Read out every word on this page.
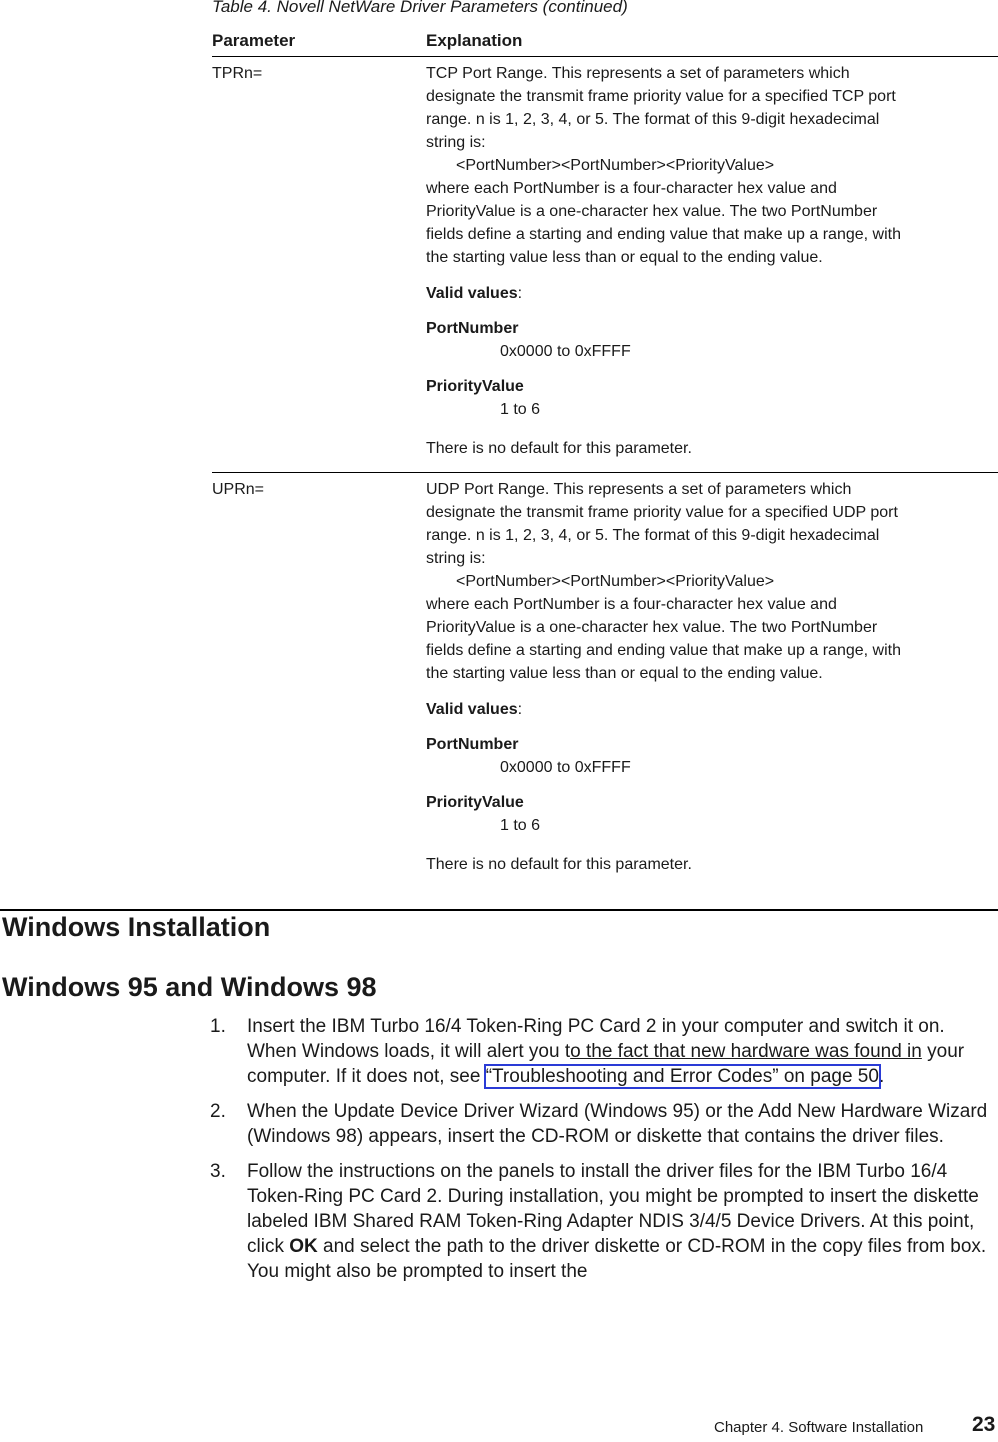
Table 4. Novell NetWare Driver Parameters (continued)
Parameter	Explanation
TPRn=	TCP Port Range. This represents a set of parameters which

designate the transmit frame priority value for a specified TCP port

range. n is 1, 2, 3, 4, or 5. The format of this 9-digit hexadecimal

string is:

<PortNumber><PortNumber><PriorityValue>

where each PortNumber is a four-character hex value and

PriorityValue is a one-character hex value. The two PortNumber

fields define a starting and ending value that make up a range, with

the starting value less than or equal to the ending value.

Valid values:

PortNumber

0x0000 to 0xFFFF

PriorityValue

1 to 6

There is no default for this parameter.

UPRn=	UDP Port Range. This represents a set of parameters which

designate the transmit frame priority value for a specified UDP port

range. n is 1, 2, 3, 4, or 5. The format of this 9-digit hexadecimal

string is:

<PortNumber><PortNumber><PriorityValue>

where each PortNumber is a four-character hex value and

PriorityValue is a one-character hex value. The two PortNumber

fields define a starting and ending value that make up a range, with

the starting value less than or equal to the ending value.

Valid values:

PortNumber

0x0000 to 0xFFFF

PriorityValue

1 to 6

There is no default for this parameter.

Windows Installation
Windows 95 and Windows 98
1.	Insert the IBM Turbo 16/4 Token-Ring PC Card 2 in your computer and switch it on. When Windows loads, it will alert you to the fact that new hardware was found in your computer. If it does not, see “Troubleshooting and Error Codes” on page 50.
2.	When the Update Device Driver Wizard (Windows 95) or the Add New Hardware Wizard (Windows 98) appears, insert the CD-ROM or diskette that contains the driver files.
3.	Follow the instructions on the panels to install the driver files for the IBM Turbo 16/4 Token-Ring PC Card 2. During installation, you might be prompted to insert the diskette labeled IBM Shared RAM Token-Ring Adapter NDIS 3/4/5 Device Drivers. At this point, click OK and select the path to the driver diskette or CD-ROM in the copy files from box. You might also be prompted to insert the
Chapter 4. Software Installation 23
